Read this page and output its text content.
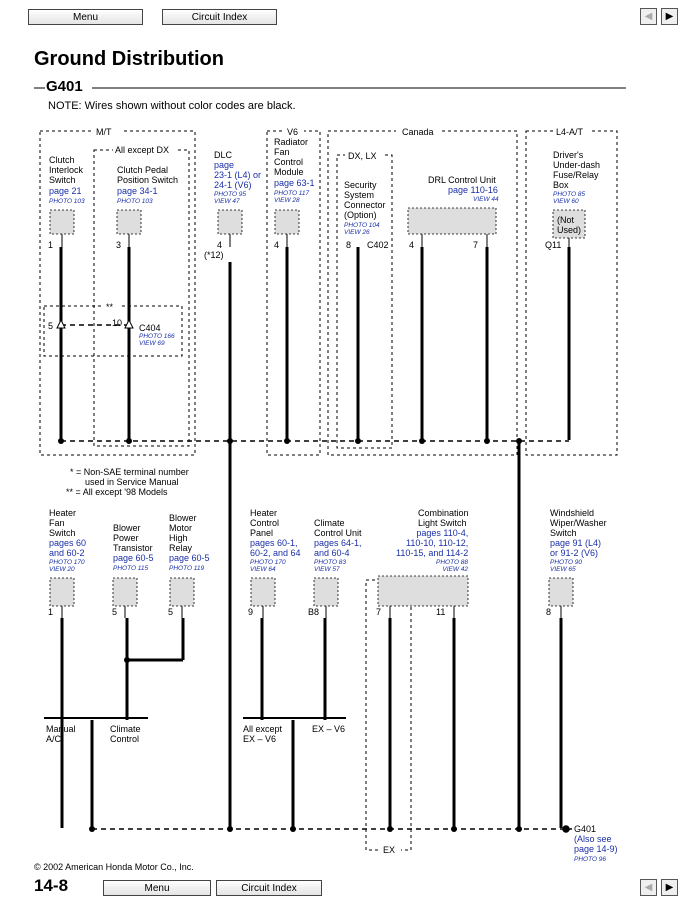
Menu	Circuit Index	◀	▶
Ground Distribution
NOTE: Wires shown without color codes are black.
G401
M/T
All except DX
V6	Canada
DX, LX
L4-A/T
EX
**
Clutch
Interlock
Switch
page 21
PHOTO 103
1
Clutch Pedal
Position Switch
page 34-1
PHOTO 103
3
DLC
page
23-1 (L4) or
24-1 (V6)
PHOTO 95
VIEW 47
4
(*12)
Radiator
Fan
Control
Module
page 63-1
PHOTO 117
VIEW 28
4
Security
System
Connector
(Option)
PHOTO 104
VIEW 26
8 C402
DRL Control Unit
page 110-16
VIEW 44
4	7
Driver's
Under-dash
Fuse/Relay
Box
PHOTO 85
VIEW 60
(Not
Used)
Q11
5	10 C404
PHOTO 166
VIEW 69
* = Non-SAE terminal number
used in Service Manual
** = All except '98 Models
Heater
Fan
Switch
pages 60
and 60-2
PHOTO 170
VIEW 20
1
Blower
Power
Transistor
page 60-5
PHOTO 115
5
Blower
Motor
High
Relay
page 60-5
PHOTO 119
5
Heater
Control
Panel
pages 60-1,
60-2, and 64
PHOTO 170
VIEW 64
9
Climate
Control Unit
pages 64-1,
and 60-4
PHOTO 83
VIEW 57
B8
Combination
Light Switch
pages 110-4,
110-10, 110-12,
110-15, and 114-2
PHOTO 88
VIEW 42
7	11
Windshield
Wiper/Washer
Switch
page 91 (L4)
or 91-2 (V6)
PHOTO 90
VIEW 65
8
Manual
A/C
Climate
Control
All except
EX – V6
EX – V6
G401
(Also see
page 14-9)
PHOTO 96
© 2002 American Honda Motor Co., Inc.
14-8	Menu	Circuit Index	◀	▶
